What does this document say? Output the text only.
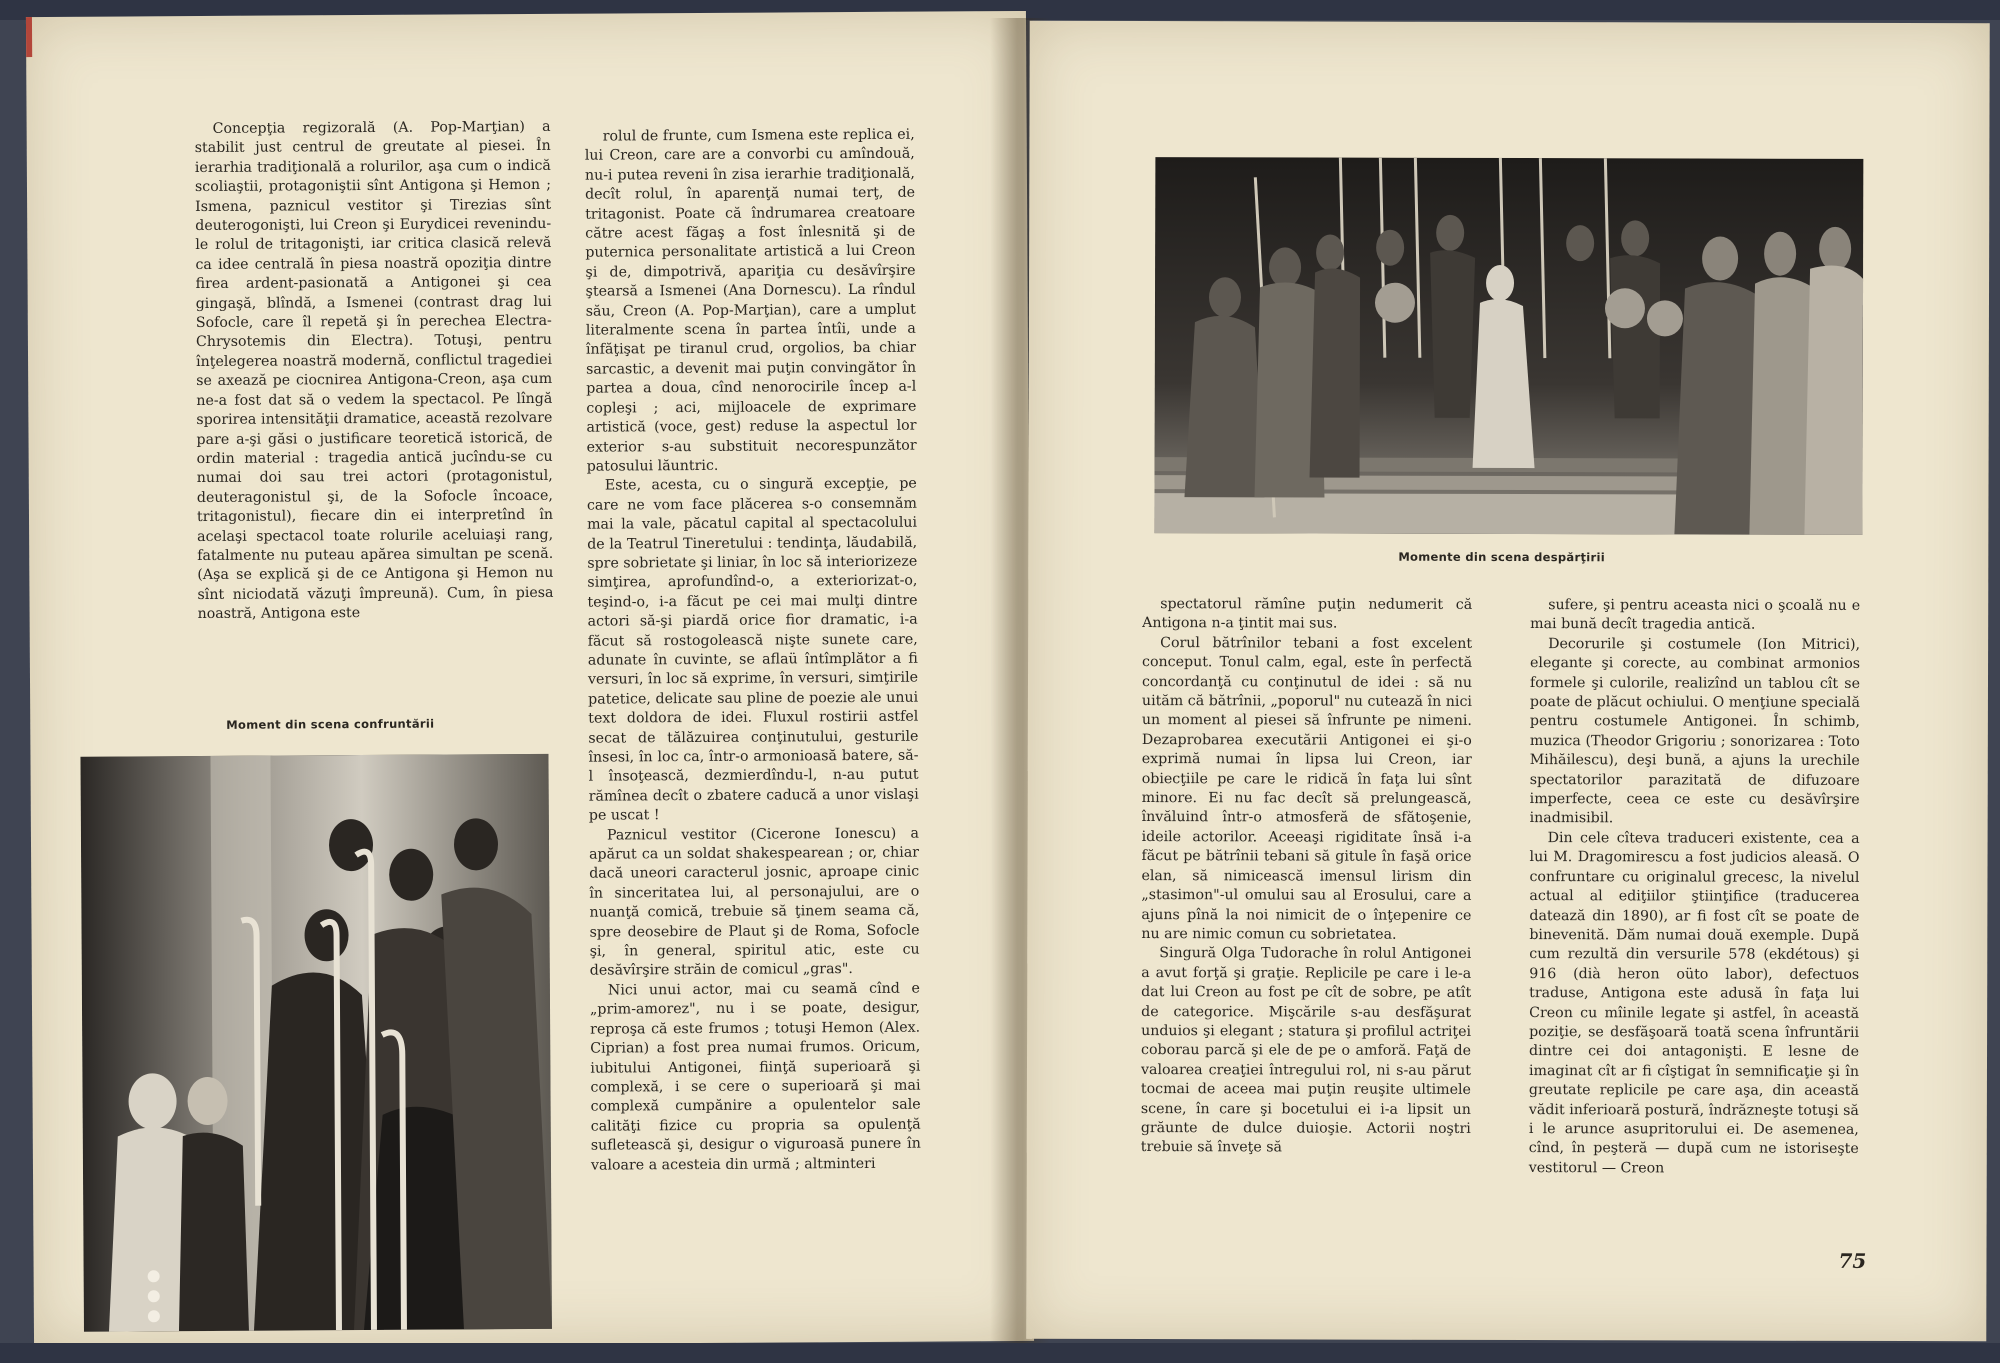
Concepţia regizorală (A. Pop-Marţian) a stabilit just centrul de greutate al piesei. În ierarhia tradiţională a rolurilor, aşa cum o indică scoliaştii, protagoniştii sînt Antigona şi Hemon ; Ismena, paznicul vestitor şi Tirezias sînt deuterogonişti, lui Creon şi Eurydicei revenindu-le rolul de tritagonişti, iar critica clasică relevă ca idee centrală în piesa noastră opoziţia dintre firea ardent-pasionată a Antigonei şi cea gingaşă, blîndă, a Ismenei (contrast drag lui Sofocle, care îl repetă şi în perechea Electra-Chrysotemis din Electra). Totuşi, pentru înţelegerea noastră modernă, conflictul tragediei se axează pe ciocnirea Antigona-Creon, aşa cum ne-a fost dat să o vedem la spectacol. Pe lîngă sporirea intensităţii dramatice, această rezolvare pare a-şi găsi o justificare teoretică istorică, de ordin material : tragedia antică jucîndu-se cu numai doi sau trei actori (protagonistul, deuteragonistul şi, de la Sofocle încoace, tritagonistul), fiecare din ei interpretînd în acelaşi spectacol toate rolurile aceluiaşi rang, fatalmente nu puteau apărea simultan pe scenă. (Aşa se explică şi de ce Antigona şi Hemon nu sînt niciodată văzuţi împreună). Cum, în piesa noastră, Antigona este

Moment din scena confruntării

rolul de frunte, cum Ismena este replica ei, lui Creon, care are a convorbi cu amîndouă, nu-i putea reveni în zisa ierarhie tradiţională, decît rolul, în aparenţă numai terţ, de tritagonist. Poate că îndrumarea creatoare către acest făgaş a fost înlesnită şi de puternica personalitate artistică a lui Creon şi de, dimpotrivă, apariţia cu desăvîrşire ştearsă a Ismenei (Ana Dornescu). La rîndul său, Creon (A. Pop-Marţian), care a umplut literalmente scena în partea întîi, unde a înfăţişat pe tiranul crud, orgolios, ba chiar sarcastic, a devenit mai puţin convingător în partea a doua, cînd nenorocirile încep a-l copleşi ; aci, mijloacele de exprimare artistică (voce, gest) reduse la aspectul lor exterior s-au substituit necorespunzător patosului lăuntric.

Este, acesta, cu o singură excepţie, pe care ne vom face plăcerea s-o consemnăm mai la vale, păcatul capital al spectacolului de la Teatrul Tineretului : tendinţa, lăudabilă, spre sobrietate şi liniar, în loc să interiorizeze simţirea, aprofundînd-o, a exteriorizat-o, teşind-o, i-a făcut pe cei mai mulţi dintre actori să-şi piardă orice fior dramatic, i-a făcut să rostogolească nişte sunete care, adunate în cuvinte, se aflaü întîmplător a fi versuri, în loc să exprime, în versuri, simţirile patetice, delicate sau pline de poezie ale unui text doldora de idei. Fluxul rostirii astfel secat de tălăzuirea conţinutului, gesturile însesi, în loc ca, într-o armonioasă batere, să-l însoţească, dezmierdîndu-l, n-au putut rămînea decît o zbatere caducă a unor vislaşi pe uscat !

Paznicul vestitor (Cicerone Ionescu) a apărut ca un soldat shakespearean ; or, chiar dacă uneori caracterul josnic, aproape cinic în sinceritatea lui, al personajului, are o nuanţă comică, trebuie să ţinem seama că, spre deosebire de Plaut şi de Roma, Sofocle şi, în general, spiritul atic, este cu desăvîrşire străin de comicul „gras".

Nici unui actor, mai cu seamă cînd e „prim-amorez", nu i se poate, desigur, reproşa că este frumos ; totuşi Hemon (Alex. Ciprian) a fost prea numai frumos. Oricum, iubitului Antigonei, fiinţă superioară şi complexă, i se cere o superioară şi mai complexă cumpănire a opulentelor sale calităţi fizice cu propria sa opulenţă sufletească şi, desigur o viguroasă punere în valoare a acesteia din urmă ; altminteri

Momente din scena despărţirii

spectatorul rămîne puţin nedumerit că Antigona n-a ţintit mai sus.

Corul bătrînilor tebani a fost excelent conceput. Tonul calm, egal, este în perfectă concordanţă cu conţinutul de idei : să nu uităm că bătrînii, „poporul" nu cutează în nici un moment al piesei să înfrunte pe nimeni. Dezaprobarea executării Antigonei ei şi-o exprimă numai în lipsa lui Creon, iar obiecţiile pe care le ridică în faţa lui sînt minore. Ei nu fac decît să prelungească, învăluind într-o atmosferă de sfătoşenie, ideile actorilor. Aceeaşi rigiditate însă i-a făcut pe bătrînii tebani să gitule în faşă orice elan, să nimicească imensul lirism din „stasimon"-ul omului sau al Erosului, care a ajuns pînă la noi nimicit de o înţepenire ce nu are nimic comun cu sobrietatea.

Singură Olga Tudorache în rolul Antigonei a avut forţă şi graţie. Replicile pe care i le-a dat lui Creon au fost pe cît de sobre, pe atît de categorice. Mişcările s-au desfăşurat unduios şi elegant ; statura şi profilul actriţei coborau parcă şi ele de pe o amforă. Faţă de valoarea creaţiei întregului rol, ni s-au părut tocmai de aceea mai puţin reuşite ultimele scene, în care şi bocetului ei i-a lipsit un grăunte de dulce duioşie. Actorii noştri trebuie să înveţe să

sufere, şi pentru aceasta nici o şcoală nu e mai bună decît tragedia antică.

Decorurile şi costumele (Ion Mitrici), elegante şi corecte, au combinat armonios formele şi culorile, realizînd un tablou cît se poate de plăcut ochiului. O menţiune specială pentru costumele Antigonei. În schimb, muzica (Theodor Grigoriu ; sonorizarea : Toto Mihăilescu), deşi bună, a ajuns la urechile spectatorilor parazitată de difuzoare imperfecte, ceea ce este cu desăvîrşire inadmisibil.

Din cele cîteva traduceri existente, cea a lui M. Dragomirescu a fost judicios aleasă. O confruntare cu originalul grecesc, la nivelul actual al ediţiilor ştiinţifice (traducerea datează din 1890), ar fi fost cît se poate de binevenită. Dăm numai două exemple. După cum rezultă din versurile 578 (ekdétous) şi 916 (dià heron oüto labor), defectuos traduse, Antigona este adusă în faţa lui Creon cu mîinile legate şi astfel, în această poziţie, se desfăşoară toată scena înfruntării dintre cei doi antagonişti. E lesne de imaginat cît ar fi cîştigat în semnificaţie şi în greutate replicile pe care aşa, din această vădit inferioară postură, îndrăzneşte totuşi să i le arunce asupritorului ei. De asemenea, cînd, în peşteră — după cum ne istoriseşte vestitorul — Creon

75
